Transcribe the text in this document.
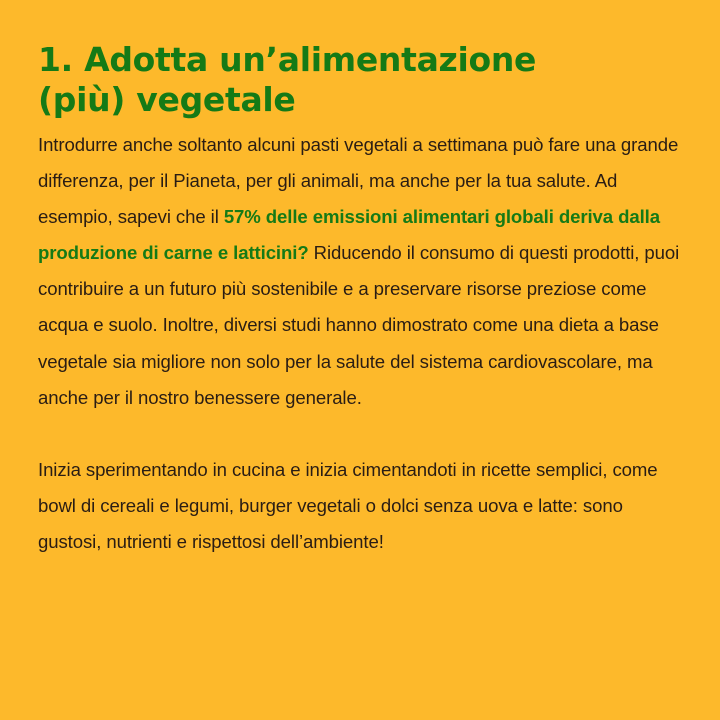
1. Adotta un’alimentazione
(più) vegetale

Introdurre anche soltanto alcuni pasti vegetali a settimana può fare una grande differenza, per il Pianeta, per gli animali, ma anche per la tua salute. Ad esempio, sapevi che il 57% delle emissioni alimentari globali deriva dalla produzione di carne e latticini? Riducendo il consumo di questi prodotti, puoi contribuire a un futuro più sostenibile e a preservare risorse preziose come acqua e suolo. Inoltre, diversi studi hanno dimostrato come una dieta a base vegetale sia migliore non solo per la salute del sistema cardiovascolare, ma anche per il nostro benessere generale.

Inizia sperimentando in cucina e inizia cimentandoti in ricette semplici, come bowl di cereali e legumi, burger vegetali o dolci senza uova e latte: sono gustosi, nutrienti e rispettosi dell’ambiente!
